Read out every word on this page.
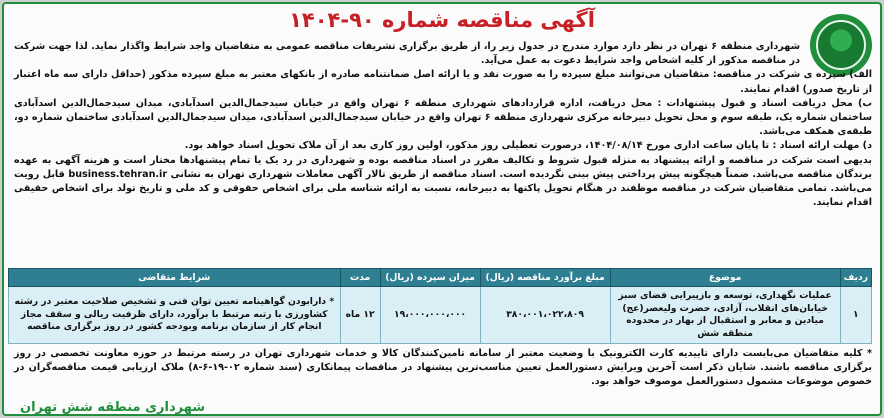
آگهی مناقصه شماره ۹۰-۱۴۰۴

شهرداری منطقه ۶ تهران در نظر دارد موارد مندرج در جدول زیر را، از طریق برگزاری تشریفات مناقصه عمومی به متقاضیان واجد شرایط واگذار نماید. لذا جهت شرکت در مناقصه مذکور از کلیه اشخاص واجد شرایط دعوت به عمل می‌آید.

الف) سپرده ی شرکت در مناقصه: متقاضیان می‌توانند مبلغ سپرده را به صورت نقد و یا ارائه اصل ضمانتنامه صادره از بانکهای معتبر به مبلغ سپرده مذکور (حداقل دارای سه ماه اعتبار از تاریخ صدور) اقدام نمایند.

ب) محل دریافت اسناد و قبول پیشنهادات : محل دریافت، اداره قراردادهای شهرداری منطقه ۶ تهران واقع در خیابان سیدجمال‌الدین اسدآبادی، میدان سیدجمال‌الدین اسدآبادی ساختمان شماره یک، طبقه سوم و محل تحویل دبیرخانه مرکزی شهرداری منطقه ۶ تهران واقع در خیابان سیدجمال‌الدین اسدآبادی، میدان سیدجمال‌الدین اسدآبادی ساختمان شماره دو، طبقه‌ی همکف می‌باشد.

د) مهلت ارائه اسناد : تا پایان ساعت اداری مورخ ۱۴۰۴/۰۸/۱۴، درصورت تعطیلی روز مذکور، اولین روز کاری بعد از آن ملاک تحویل اسناد خواهد بود.

بدیهی است شرکت در مناقصه و ارائه پیشنهاد به منزله قبول شروط و تکالیف مقرر در اسناد مناقصه بوده و شهرداری در رد یک یا تمام پیشنهادها مختار است و هزینه آگهی به عهده برندگان مناقصه می‌باشد. ضمناً هیچگونه پیش پرداختی پیش بینی نگردیده است. اسناد مناقصه از طریق تالار آگهی معاملات شهرداری تهران به نشانی business.tehran.ir قابل رویت می‌باشد. تمامی متقاضیان شرکت در مناقصه موظفند در هنگام تحویل پاکتها به دبیرخانه، نسبت به ارائه شناسه ملی برای اشخاص حقوقی و کد ملی و تاریخ تولد برای اشخاص حقیقی اقدام نمایند.

ردیف	موضوع	مبلغ برآورد مناقصه (ریال)	میزان سپرده (ریال)	مدت	شرایط متقاضی
۱	عملیات نگهداری، توسعه و بازپیرایی فضای سبز خیابان‌های انقلاب، آزادی، حضرت ولیعصر(عج) میادین و معابر و استقبال از بهار در محدوده منطقه شش	۳۸۰،۰۰۱،۰۲۲،۸۰۹	۱۹،۰۰۰،۰۰۰،۰۰۰	۱۲ ماه	* دارابودن گواهینامه تعیین توان فنی و تشخیص صلاحیت معتبر در رشته کشاورزی با رتبه مرتبط با برآورد، دارای ظرفیت ریالی و سقف مجاز انجام کار از سازمان برنامه وبودجه کشور در روز برگزاری مناقصه
* کلیه متقاضیان می‌بایست دارای تاییدیه کارت الکترونیک با وضعیت معتبر از سامانه تامین‌کنندگان کالا و خدمات شهرداری تهران در رسته مرتبط در حوزه معاونت تخصصی در روز برگزاری مناقصه باشند. شایان ذکر است آخرین ویرایش دستورالعمل تعیین مناسب‌ترین پیشنهاد در مناقصات پیمانکاری (سند شماره ۰۲-۱۹-۶-۸) ملاک ارزیابی قیمت مناقصه‌گران در خصوص موضوعات مشمول دستورالعمل موصوف خواهد بود.
شهرداری منطقه شش تهران
